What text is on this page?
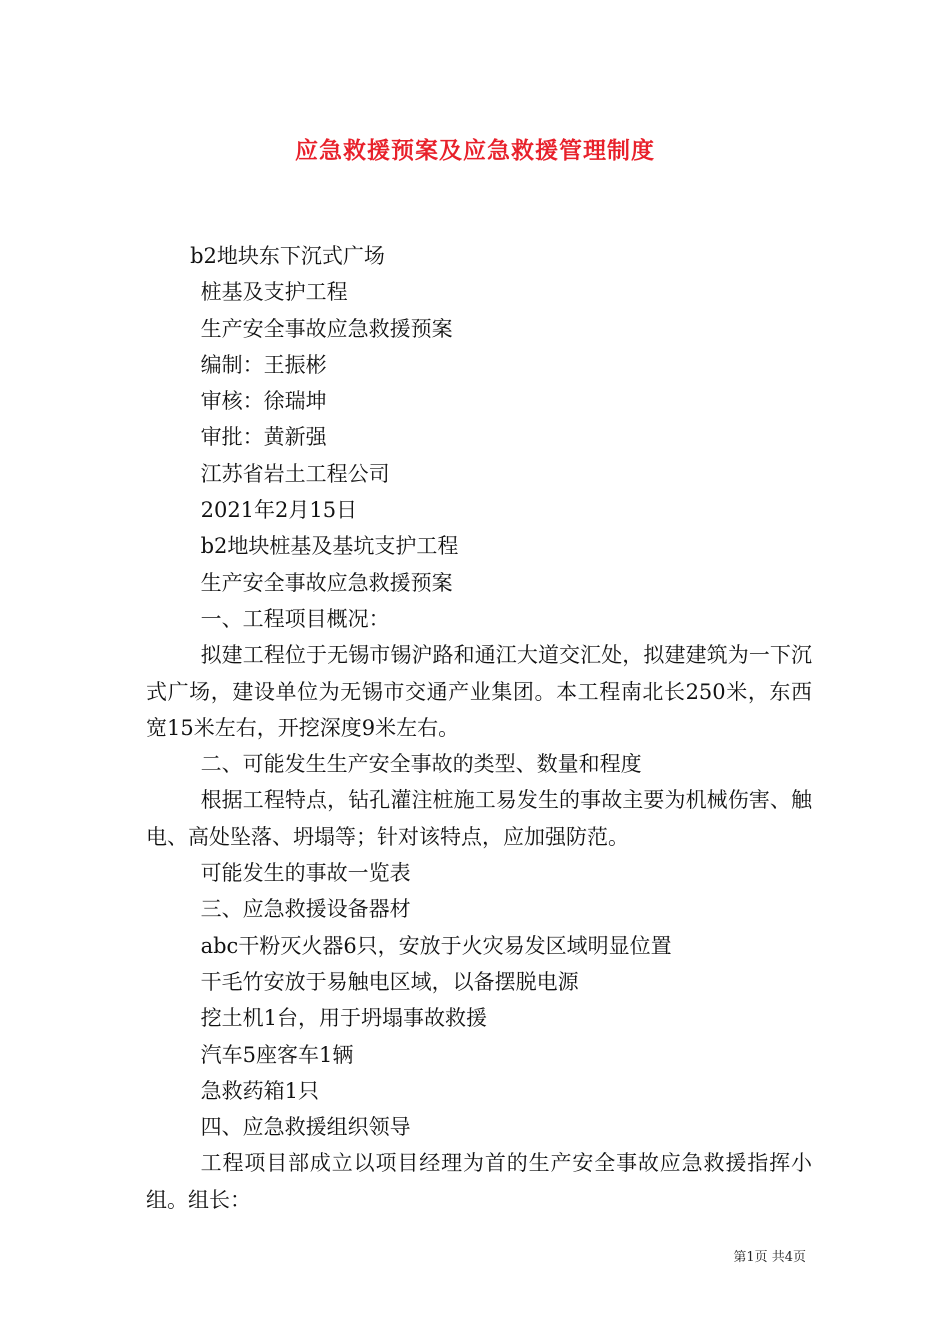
应急救援预案及应急救援管理制度

b2地块东下沉式广场

桩基及支护工程

生产安全事故应急救援预案

编制：王振彬

审核：徐瑞坤

审批：黄新强

江苏省岩土工程公司

2021年2月15日

b2地块桩基及基坑支护工程

生产安全事故应急救援预案

一、工程项目概况：

拟建工程位于无锡市锡沪路和通江大道交汇处，拟建建筑为一下沉式广场，建设单位为无锡市交通产业集团。本工程南北长250米，东西宽15米左右，开挖深度9米左右。

二、可能发生生产安全事故的类型、数量和程度

根据工程特点，钻孔灌注桩施工易发生的事故主要为机械伤害、触电、高处坠落、坍塌等；针对该特点，应加强防范。

可能发生的事故一览表

三、应急救援设备器材

abc干粉灭火器6只，安放于火灾易发区域明显位置

干毛竹安放于易触电区域，以备摆脱电源

挖土机1台，用于坍塌事故救援

汽车5座客车1辆

急救药箱1只

四、应急救援组织领导

工程项目部成立以项目经理为首的生产安全事故应急救援指挥小组。组长：

第1页 共4页
